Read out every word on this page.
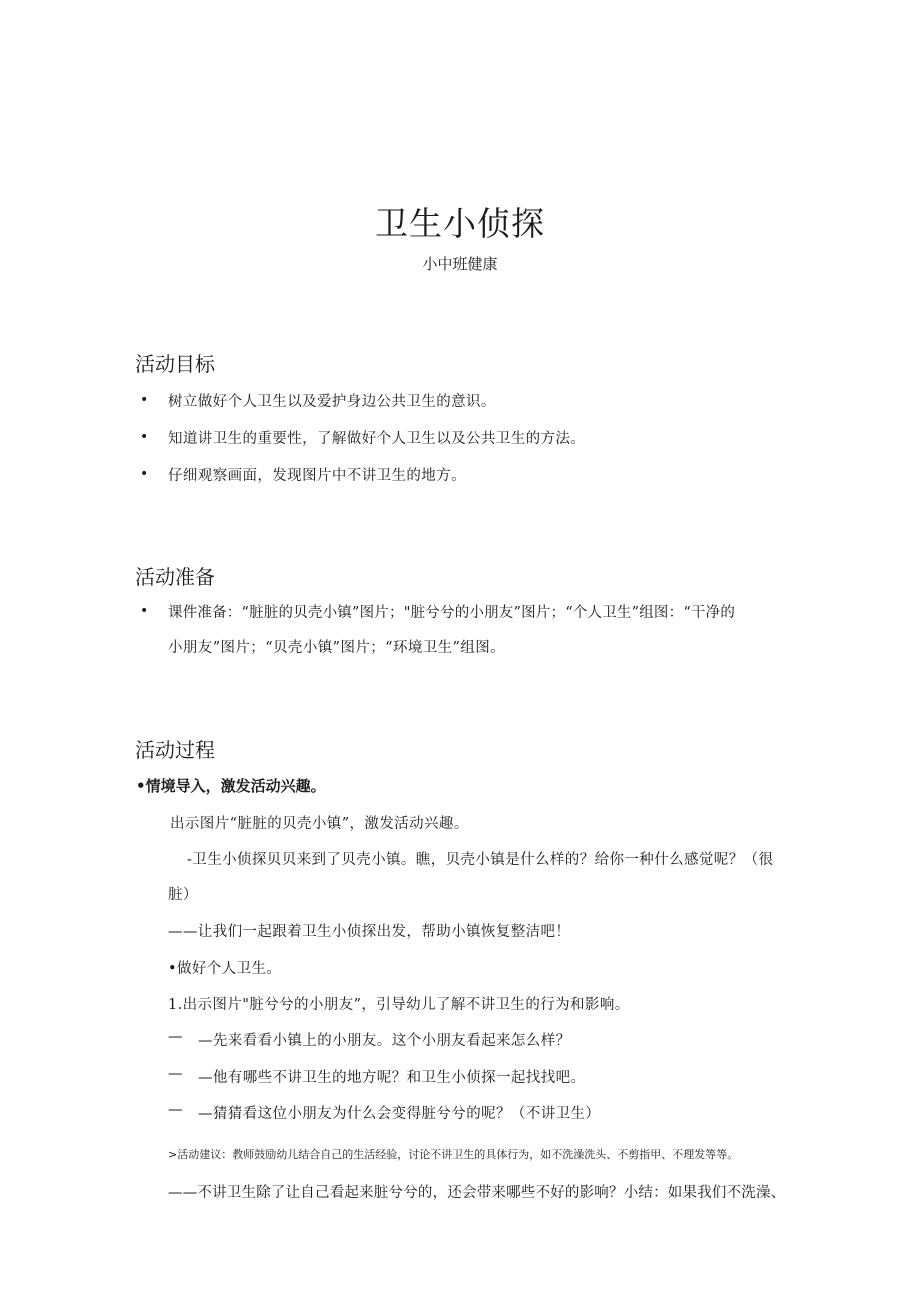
卫生小侦探
小中班健康
活动目标
• 树立做好个人卫生以及爱护身边公共卫生的意识。
• 知道讲卫生的重要性，了解做好个人卫生以及公共卫生的方法。
• 仔细观察画面，发现图片中不讲卫生的地方。
活动准备
• 课件准备：“脏脏的贝壳小镇”图片；"脏兮兮的小朋友”图片；“个人卫生”组图：“干净的
小朋友”图片；“贝壳小镇”图片；“环境卫生”组图。
活动过程
•情境导入，激发活动兴趣。
出示图片“脏脏的贝壳小镇”，激发活动兴趣。
-卫生小侦探贝贝来到了贝壳小镇。瞧，贝壳小镇是什么样的？给你一种什么感觉呢？（很
脏）
——让我们一起跟着卫生小侦探出发，帮助小镇恢复整洁吧！
•做好个人卫生。
1.出示图片"脏兮兮的小朋友”，引导幼儿了解不讲卫生的行为和影响。
— —先来看看小镇上的小朋友。这个小朋友看起来怎么样？
— —他有哪些不讲卫生的地方呢？和卫生小侦探一起找找吧。
— —猜猜看这位小朋友为什么会变得脏兮兮的呢？（不讲卫生）
>活动建议：教师鼓励幼儿结合自己的生活经验，讨论不讲卫生的具体行为，如不洗澡洗头、不剪指甲、不理发等等。
——不讲卫生除了让自己看起来脏兮兮的，还会带来哪些不好的影响？小结：如果我们不洗澡、
